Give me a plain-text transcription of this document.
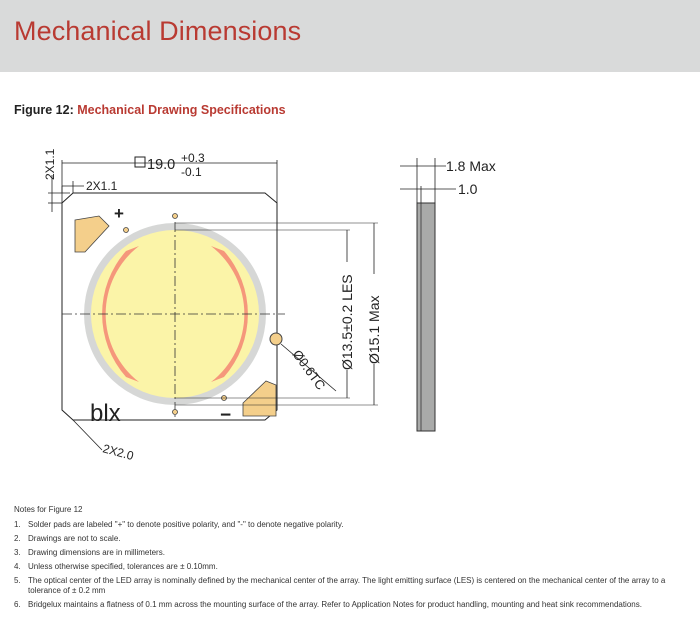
Mechanical Dimensions
Figure 12: Mechanical Drawing Specifications
+
−
blx
19.0 +0.3
-0.1
2X1.1
2X1.1
2X2.0
Ø0.6TC Ø13.5±0.2 LES Ø15.1 Max
1.8 Max
1.0
Notes for Figure 12
1. Solder pads are labeled "+" to denote positive polarity, and "-" to denote negative polarity.
2. Drawings are not to scale.
3. Drawing dimensions are in millimeters.
4. Unless otherwise specified, tolerances are ± 0.10mm.
5. The optical center of the LED array is nominally defined by the mechanical center of the array. The light emitting surface (LES) is centered on the mechanical center of the array to a tolerance of ± 0.2 mm
6. Bridgelux maintains a flatness of 0.1 mm across the mounting surface of the array. Refer to Application Notes for product handling, mounting and heat sink recommendations.
